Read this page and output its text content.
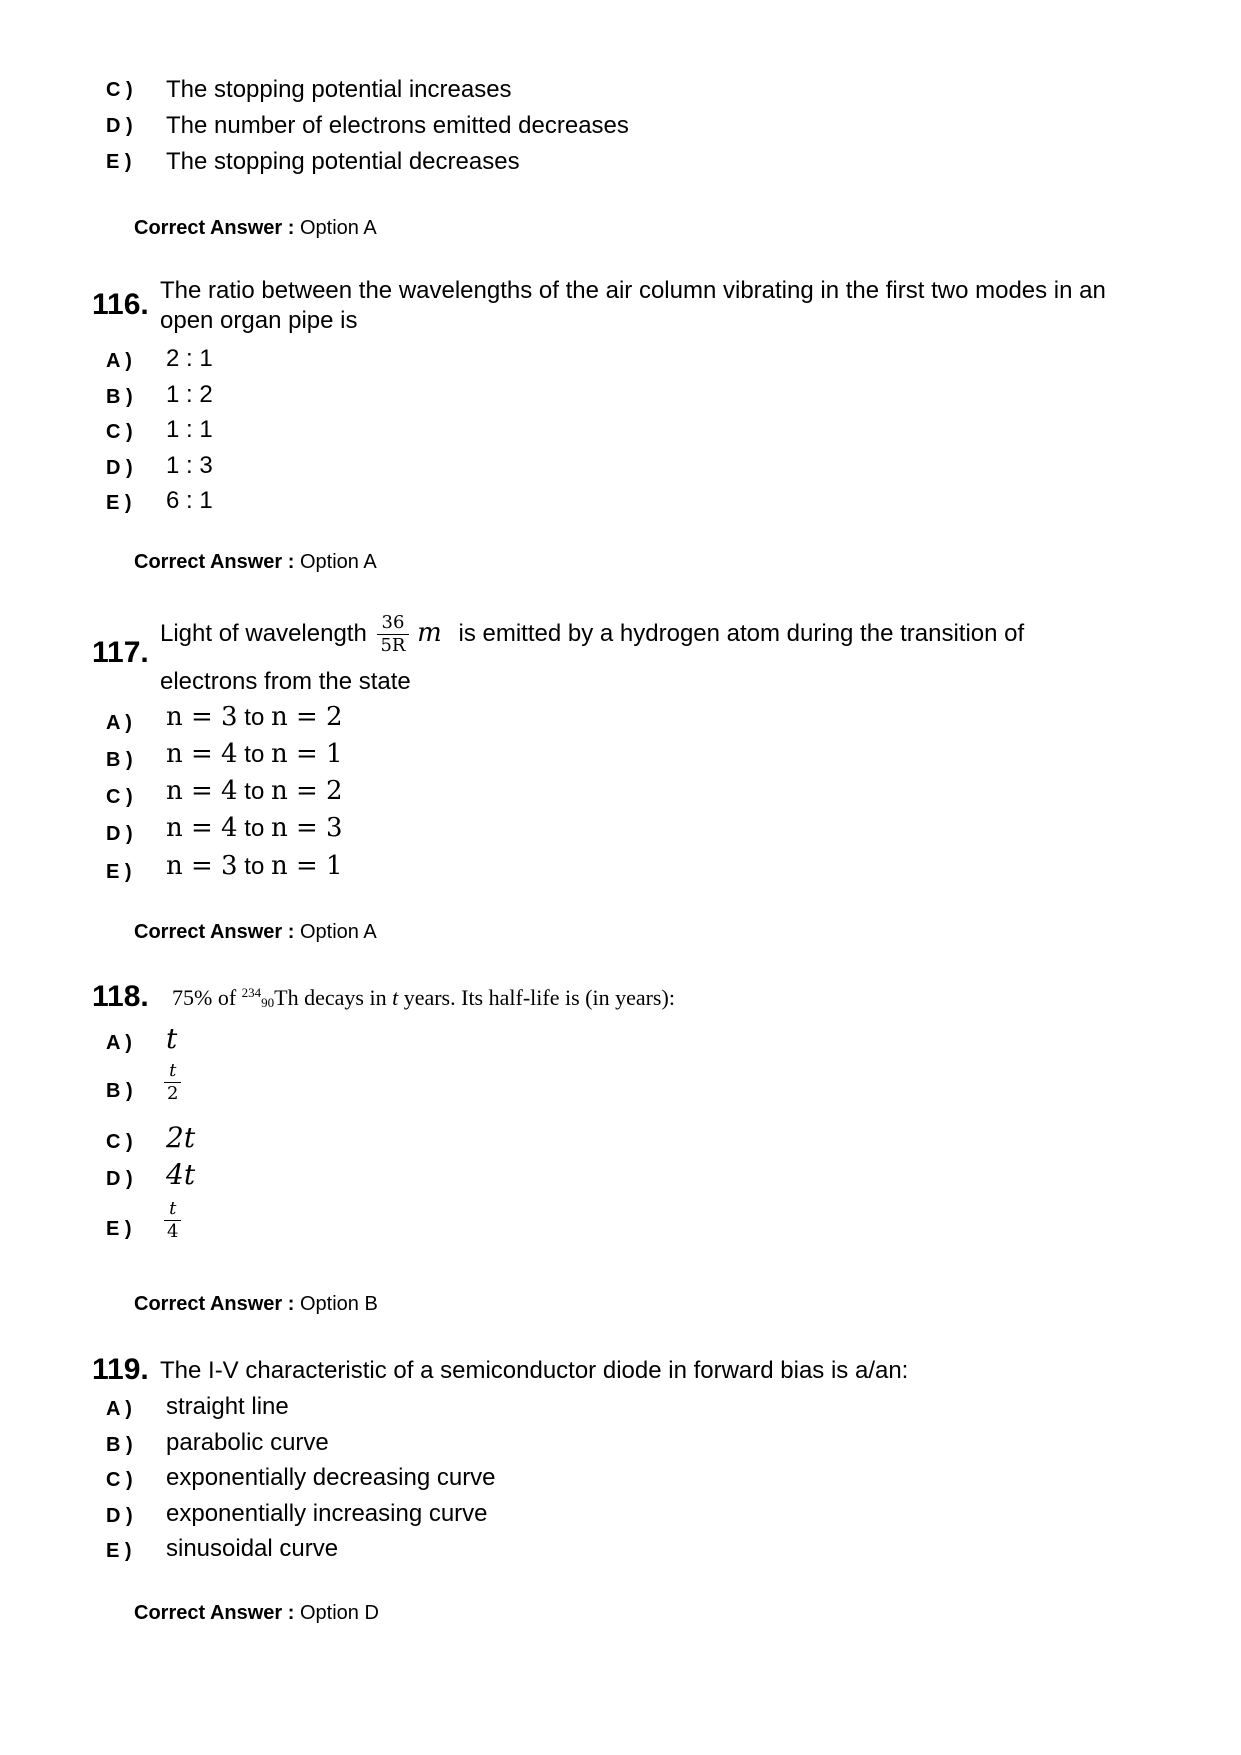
C ) The stopping potential increases
D ) The number of electrons emitted decreases
E ) The stopping potential decreases
Correct Answer : Option A
116. The ratio between the wavelengths of the air column vibrating in the first two modes in an
open organ pipe is
A ) 2 : 1
B ) 1 : 2
C ) 1 : 1
D ) 1 : 3
E ) 6 : 1
Correct Answer : Option A
117.
Light of wavelength $\frac{36}{5R}$ m is emitted by a hydrogen atom during the transition of
electrons from the state
A ) n = 3 to n = 2
B ) n = 4 to n = 1
C ) n = 4 to n = 2
D ) n = 4 to n = 3
E ) n = 3 to n = 1
Correct Answer : Option A
118. 75% of $^{234}_{90}$Th decays in t years. Its half-life is (in years):
A ) t
B ) $\frac{t}{2}$
C ) 2t
D ) 4t
E ) $\frac{t}{4}$
Correct Answer : Option B
119. The I-V characteristic of a semiconductor diode in forward bias is a/an:
A ) straight line
B ) parabolic curve
C ) exponentially decreasing curve
D ) exponentially increasing curve
E ) sinusoidal curve
Correct Answer : Option D
